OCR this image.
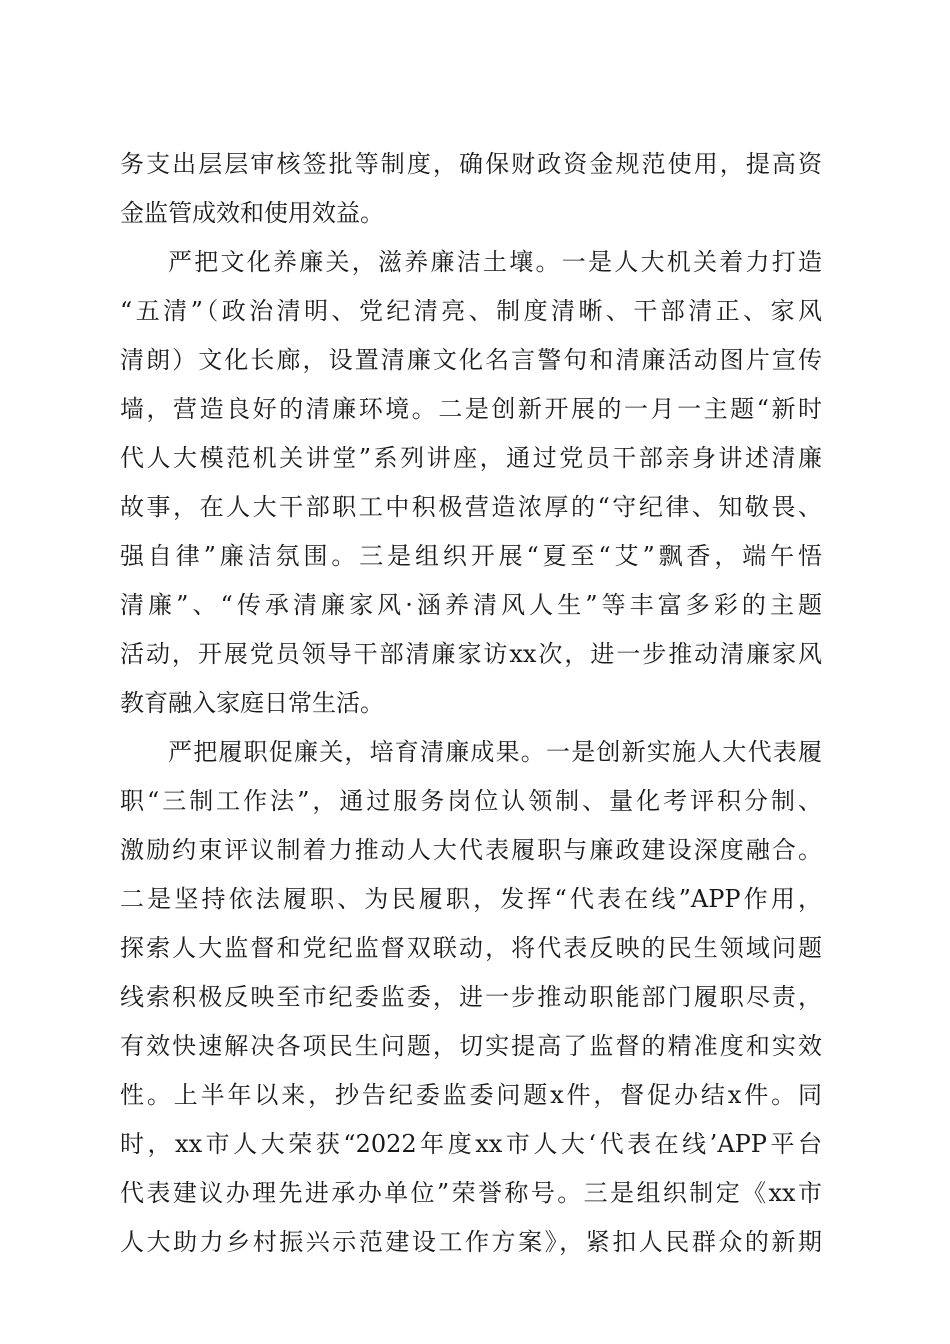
务支出层层审核签批等制度，确保财政资金规范使用，提高资
金监管成效和使用效益。
严把文化养廉关，滋养廉洁土壤。一是人大机关着力打造
“五清”（政治清明、党纪清亮、制度清晰、干部清正、家风
清朗）文化长廊，设置清廉文化名言警句和清廉活动图片宣传
墙，营造良好的清廉环境。二是创新开展的一月一主题“新时
代人大模范机关讲堂”系列讲座，通过党员干部亲身讲述清廉
故事，在人大干部职工中积极营造浓厚的“守纪律、知敬畏、
强自律”廉洁氛围。三是组织开展“夏至“艾”飘香，端午悟
清廉”、“传承清廉家风·涵养清风人生”等丰富多彩的主题
活动，开展党员领导干部清廉家访xx次，进一步推动清廉家风
教育融入家庭日常生活。
严把履职促廉关，培育清廉成果。一是创新实施人大代表履
职“三制工作法”，通过服务岗位认领制、量化考评积分制、
激励约束评议制着力推动人大代表履职与廉政建设深度融合。
二是坚持依法履职、为民履职，发挥“代表在线”APP作用，
探索人大监督和党纪监督双联动，将代表反映的民生领域问题
线索积极反映至市纪委监委，进一步推动职能部门履职尽责，
有效快速解决各项民生问题，切实提高了监督的精准度和实效
性。上半年以来，抄告纪委监委问题x件，督促办结x件。同
时，xx市人大荣获“2022年度xx市人大‘代表在线’APP平台
代表建议办理先进承办单位”荣誉称号。三是组织制定《xx市
人大助力乡村振兴示范建设工作方案》，紧扣人民群众的新期
